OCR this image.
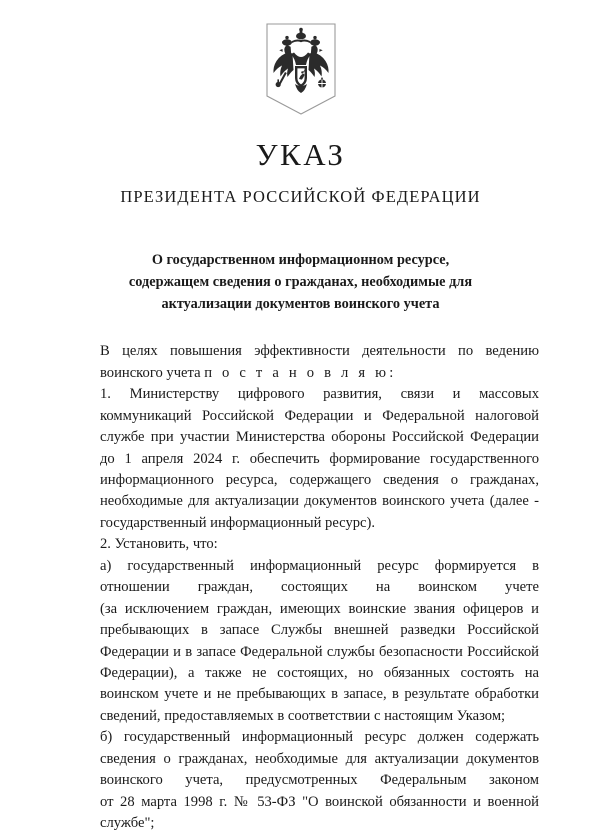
УКАЗ
ПРЕЗИДЕНТА РОССИЙСКОЙ ФЕДЕРАЦИИ
О государственном информационном ресурсе,
содержащем сведения о гражданах, необходимые для
актуализации документов воинского учета

В целях повышения эффективности деятельности по ведению
воинского учета п о с т а н о в л я ю:

1. Министерству цифрового развития, связи и массовых
коммуникаций Российской Федерации и Федеральной налоговой
службе при участии Министерства обороны Российской Федерации
до 1 апреля 2024 г. обеспечить формирование государственного
информационного ресурса, содержащего сведения о гражданах,
необходимые для актуализации документов воинского учета (далее -
государственный информационный ресурс).

2. Установить, что:

а) государственный информационный ресурс формируется в
отношении граждан, состоящих на воинском учете
(за исключением граждан, имеющих воинские звания офицеров и
пребывающих в запасе Службы внешней разведки Российской
Федерации и в запасе Федеральной службы безопасности Российской
Федерации), а также не состоящих, но обязанных состоять на
воинском учете и не пребывающих в запасе, в результате обработки
сведений, предоставляемых в соответствии с настоящим Указом;

б) государственный информационный ресурс должен содержать
сведения о гражданах, необходимые для актуализации документов
воинского учета, предусмотренных Федеральным законом
от 28 марта 1998 г. № 53-ФЗ "О воинской обязанности и военной
службе";
